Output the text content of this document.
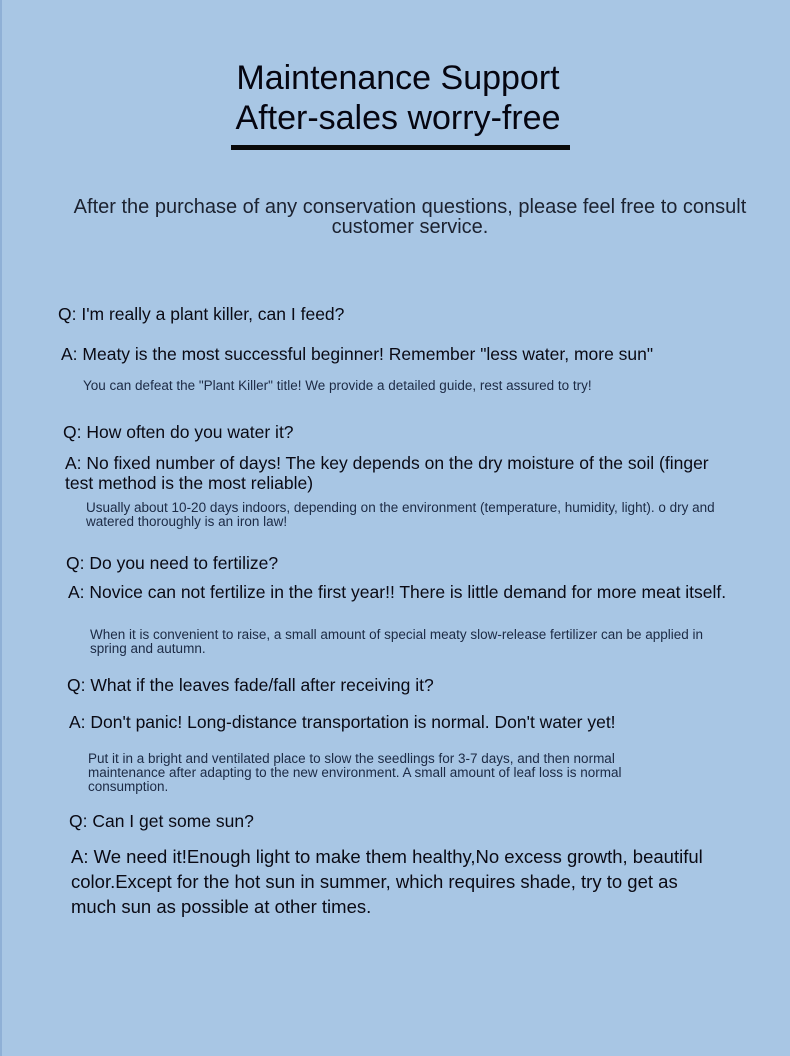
Maintenance Support
After-sales worry-free
After the purchase of any conservation questions, please feel free to consult customer service.
Q: I'm really a plant killer, can I feed?
A: Meaty is the most successful beginner! Remember "less water, more sun"
You can defeat the "Plant Killer" title! We provide a detailed guide, rest assured to try!
Q: How often do you water it?
A: No fixed number of days! The key depends on the dry moisture of the soil (finger test method is the most reliable)
Usually about 10-20 days indoors, depending on the environment (temperature, humidity, light). o dry and watered thoroughly is an iron law!
Q: Do you need to fertilize?
A: Novice can not fertilize in the first year!! There is little demand for more meat itself.
When it is convenient to raise, a small amount of special meaty slow-release fertilizer can be applied in spring and autumn.
Q: What if the leaves fade/fall after receiving it?
A: Don't panic! Long-distance transportation is normal. Don't water yet!
Put it in a bright and ventilated place to slow the seedlings for 3-7 days, and then normal maintenance after adapting to the new environment. A small amount of leaf loss is normal consumption.
Q: Can I get some sun?
A: We need it!Enough light to make them healthy,No excess growth, beautiful color.Except for the hot sun in summer, which requires shade, try to get as much sun as possible at other times.
